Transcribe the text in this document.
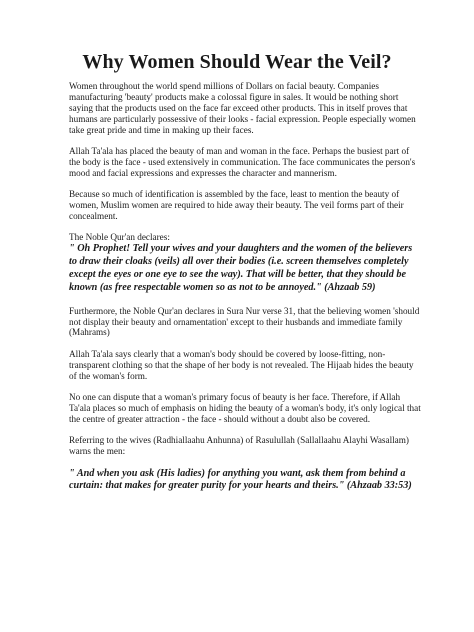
Why Women Should Wear the Veil?

Women throughout the world spend millions of Dollars on facial beauty. Companies manufacturing 'beauty' products make a colossal figure in sales. It would be nothing short saying that the products used on the face far exceed other products. This in itself proves that humans are particularly possessive of their looks - facial expression. People especially women take great pride and time in making up their faces.

Allah Ta'ala has placed the beauty of man and woman in the face. Perhaps the busiest part of the body is the face - used extensively in communication. The face communicates the person's mood and facial expressions and expresses the character and mannerism.

Because so much of identification is assembled by the face, least to mention the beauty of women, Muslim women are required to hide away their beauty. The veil forms part of their concealment.

The Noble Qur'an declares:

" Oh Prophet! Tell your wives and your daughters and the women of the believers to draw their cloaks (veils) all over their bodies (i.e. screen themselves completely except the eyes or one eye to see the way). That will be better, that they should be known (as free respectable women so as not to be annoyed." (Ahzaab 59)

Furthermore, the Noble Qur'an declares in Sura Nur verse 31, that the believing women 'should not display their beauty and ornamentation' except to their husbands and immediate family (Mahrams)

Allah Ta'ala says clearly that a woman's body should be covered by loose-fitting, non-transparent clothing so that the shape of her body is not revealed. The Hijaab hides the beauty of the woman's form.

No one can dispute that a woman's primary focus of beauty is her face. Therefore, if Allah Ta'ala places so much of emphasis on hiding the beauty of a woman's body, it's only logical that the centre of greater attraction - the face - should without a doubt also be covered.

Referring to the wives (Radhiallaahu Anhunna) of Rasulullah (Sallallaahu Alayhi Wasallam) warns the men:

" And when you ask (His ladies) for anything you want, ask them from behind a curtain: that makes for greater purity for your hearts and theirs." (Ahzaab 33:53)
